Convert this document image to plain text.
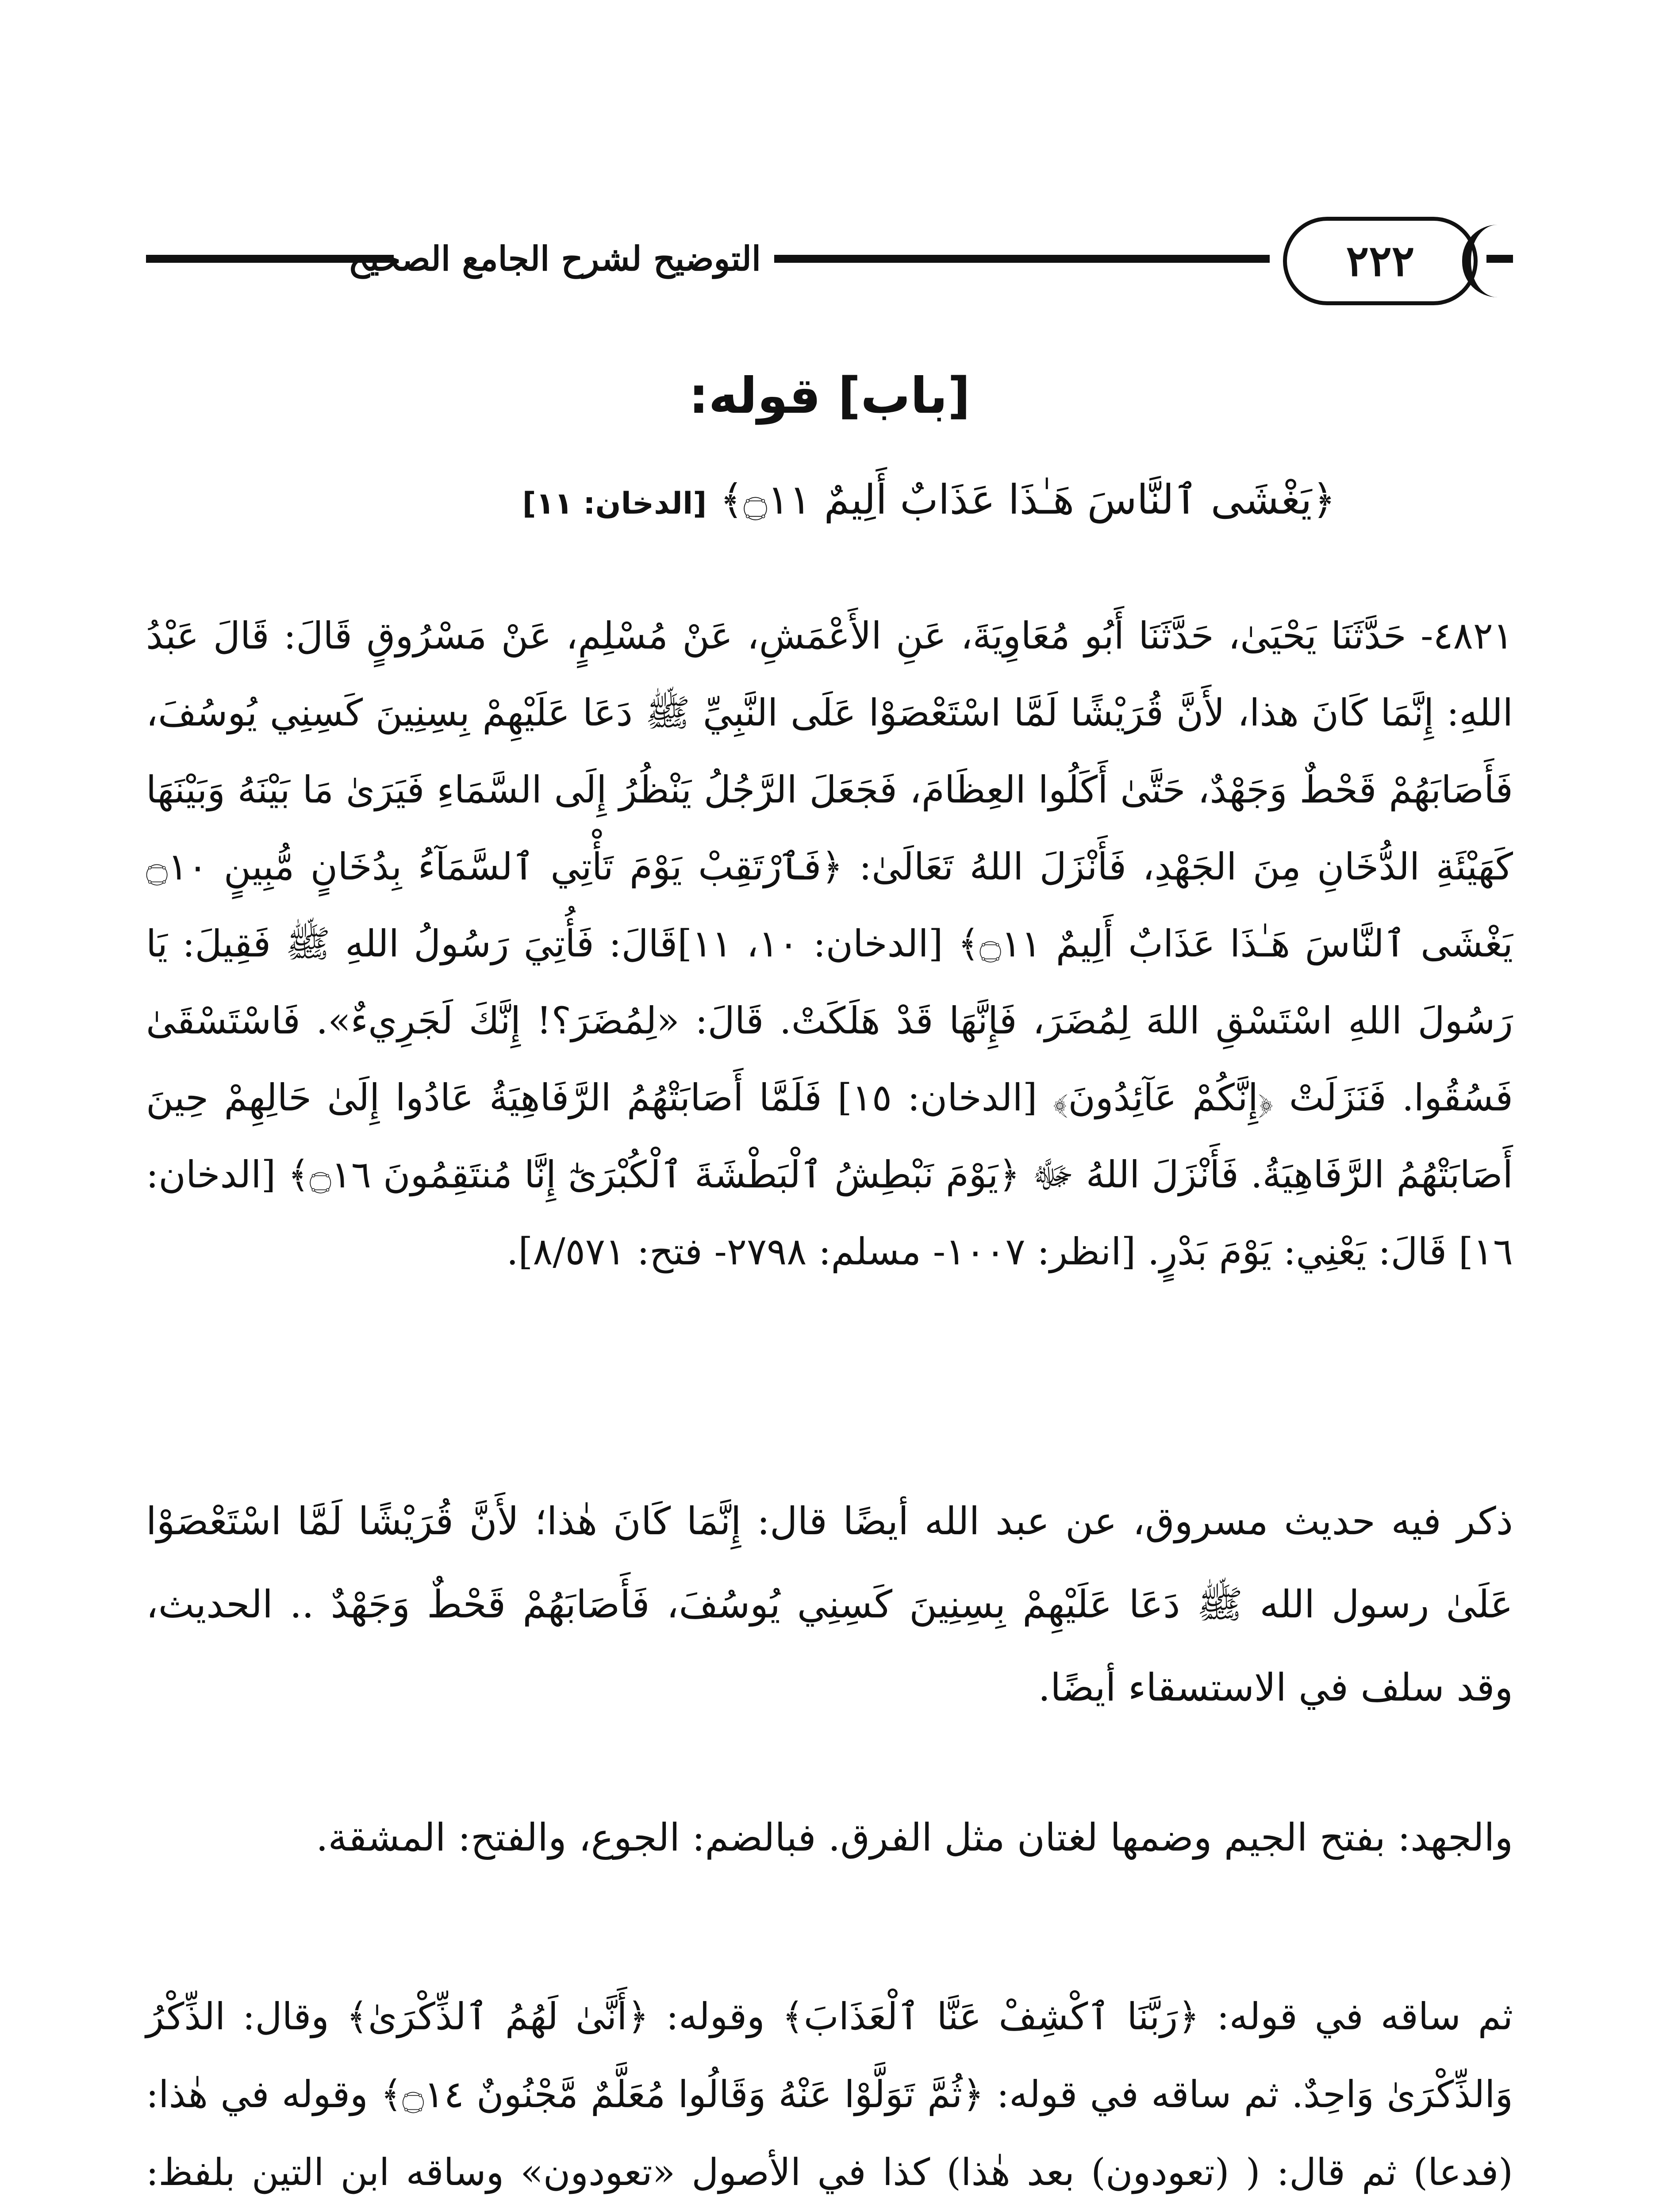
التوضيح لشرح الجامع الصحيح	٢٢٢
[باب] قوله:
﴿يَغْشَى ٱلنَّاسَ هَـٰذَا عَذَابٌ أَلِيمٌ ۝١١﴾ [الدخان: ١١]

٤٨٢١- حَدَّثَنَا يَحْيَىٰ، حَدَّثَنَا أَبُو مُعَاوِيَةَ، عَنِ الأَعْمَشِ، عَنْ مُسْلِمٍ، عَنْ مَسْرُوقٍ قَالَ: قَالَ عَبْدُ اللهِ: إِنَّمَا كَانَ هذا، لأَنَّ قُرَيْشًا لَمَّا اسْتَعْصَوْا عَلَى النَّبِيِّ ﷺ دَعَا عَلَيْهِمْ بِسِنِينَ كَسِنِي يُوسُفَ، فَأَصَابَهُمْ قَحْطٌ وَجَهْدٌ، حَتَّىٰ أَكَلُوا العِظَامَ، فَجَعَلَ الرَّجُلُ يَنْظُرُ إِلَى السَّمَاءِ فَيَرَىٰ مَا بَيْنَهُ وَبَيْنَهَا كَهَيْئَةِ الدُّخَانِ مِنَ الجَهْدِ، فَأَنْزَلَ اللهُ تَعَالَىٰ: ﴿فَٱرْتَقِبْ يَوْمَ تَأْتِي ٱلسَّمَآءُ بِدُخَانٍ مُّبِينٍ ۝١٠ يَغْشَى ٱلنَّاسَ هَـٰذَا عَذَابٌ أَلِيمٌ ۝١١﴾ [الدخان: ١٠، ١١]قَالَ: فَأُتِيَ رَسُولُ اللهِ ﷺ فَقِيلَ: يَا رَسُولَ اللهِ اسْتَسْقِ اللهَ لِمُضَرَ، فَإِنَّهَا قَدْ هَلَكَتْ. قَالَ: «لِمُضَرَ؟! إِنَّكَ لَجَرِيءٌ». فَاسْتَسْقَىٰ فَسُقُوا. فَنَزَلَتْ ﴿إِنَّكُمْ عَآئِدُونَ﴾ [الدخان: ١٥] فَلَمَّا أَصَابَتْهُمُ الرَّفَاهِيَةُ عَادُوا إِلَىٰ حَالِهِمْ حِينَ أَصَابَتْهُمُ الرَّفَاهِيَةُ. فَأَنْزَلَ اللهُ ﷻ ﴿يَوْمَ نَبْطِشُ ٱلْبَطْشَةَ ٱلْكُبْرَىٰٓ إِنَّا مُنتَقِمُونَ ۝١٦﴾ [الدخان: ١٦] قَالَ: يَعْنِي: يَوْمَ بَدْرٍ. [انظر: ١٠٠٧- مسلم: ٢٧٩٨- فتح: ٨/٥٧١].

ذكر فيه حديث مسروق، عن عبد الله أيضًا قال: إِنَّمَا كَانَ هٰذا؛ لأَنَّ قُرَيْشًا لَمَّا اسْتَعْصَوْا عَلَىٰ رسول الله ﷺ دَعَا عَلَيْهِمْ بِسِنِينَ كَسِنِي يُوسُفَ، فَأَصَابَهُمْ قَحْطٌ وَجَهْدٌ .. الحديث، وقد سلف في الاستسقاء أيضًا.

والجهد: بفتح الجيم وضمها لغتان مثل الفرق. فبالضم: الجوع، والفتح: المشقة.

ثم ساقه في قوله: ﴿رَبَّنَا ٱكْشِفْ عَنَّا ٱلْعَذَابَ﴾ وقوله: ﴿أَنَّىٰ لَهُمُ ٱلذِّكْرَىٰ﴾ وقال: الذِّكْرُ وَالذِّكْرَىٰ وَاحِدٌ. ثم ساقه في قوله: ﴿ثُمَّ تَوَلَّوْا عَنْهُ وَقَالُوا مُعَلَّمٌ مَّجْنُونٌ ۝١٤﴾ وقوله في هٰذا: (فدعا) ثم قال: ( (تعودون) بعد هٰذا) كذا في الأصول «تعودون» وساقه ابن التين بلفظ:
